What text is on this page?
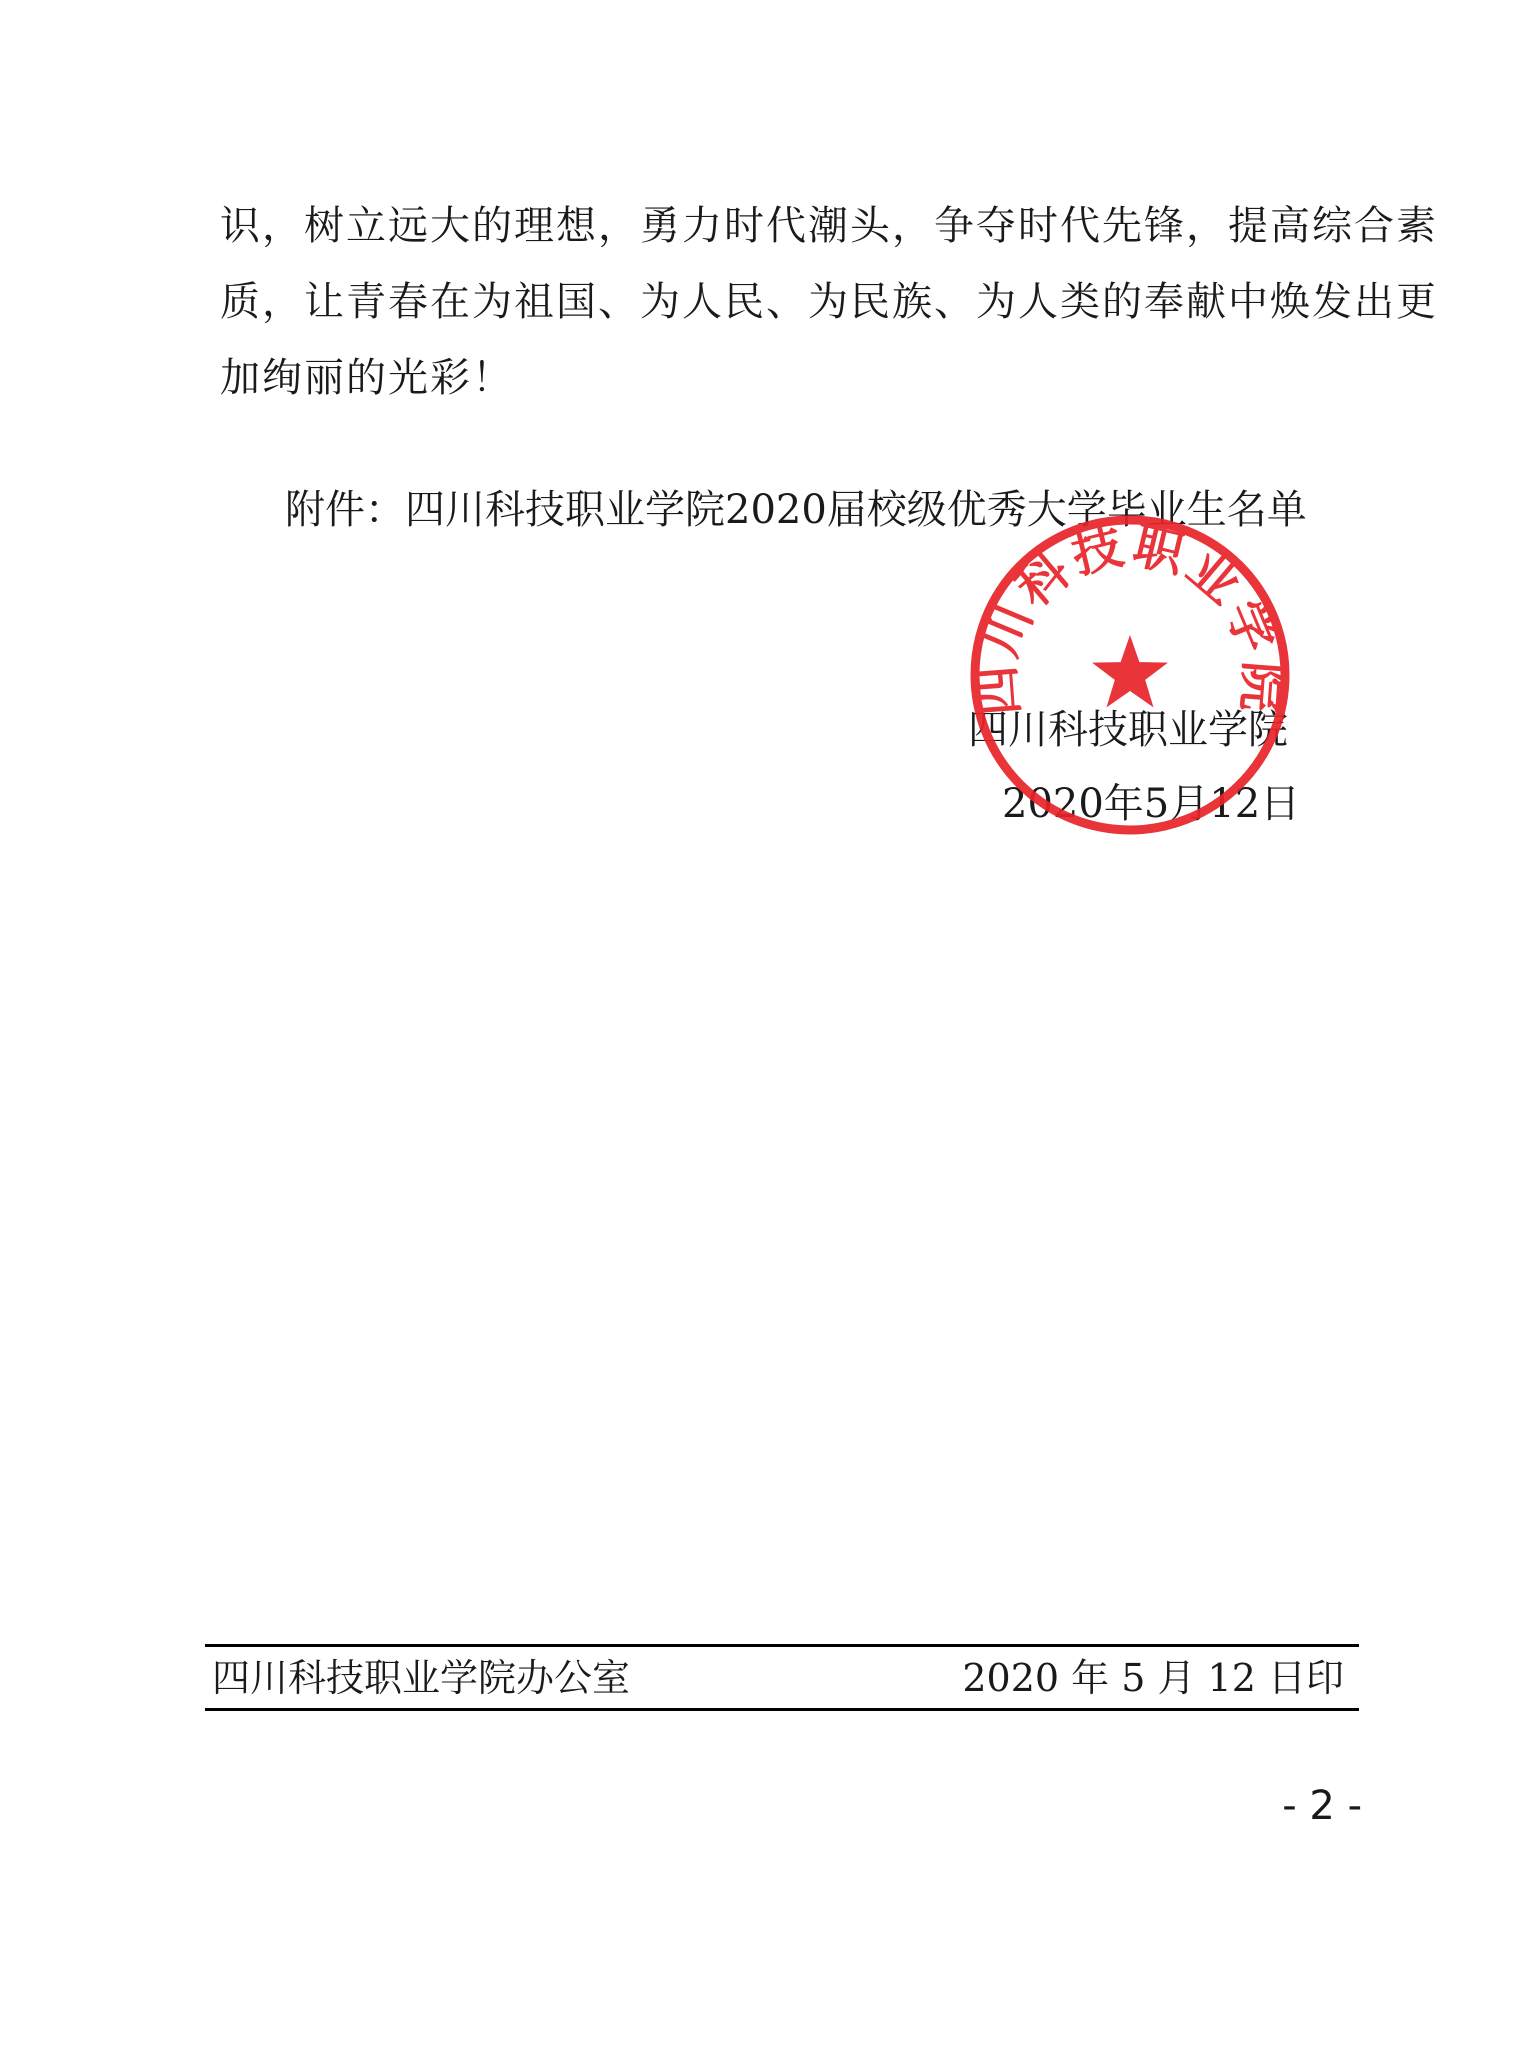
识，树立远大的理想，勇力时代潮头，争夺时代先锋，提高综合素
质，让青春在为祖国、为人民、为民族、为人类的奉献中焕发出更
加绚丽的光彩！
附件：四川科技职业学院2020届校级优秀大学毕业生名单
四川科技职业学院
2020年5月12日
四川科技职业学院
四川科技职业学院办公室	2020 年 5 月 12 日印
- 2 -
